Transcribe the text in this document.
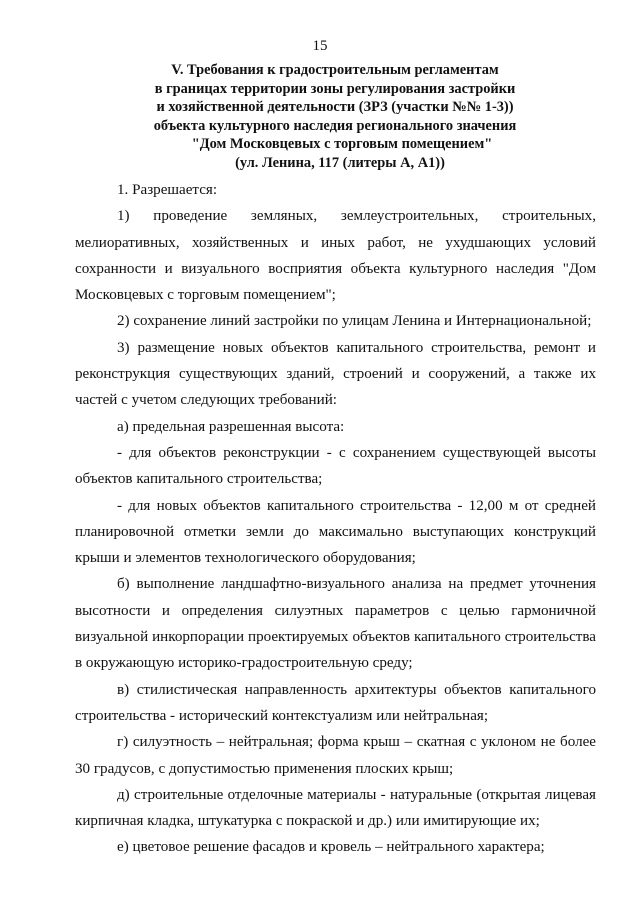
15
V. Требования к градостроительным регламентам
в границах территории зоны регулирования застройки
и хозяйственной деятельности (ЗРЗ (участки №№ 1-3))
объекта культурного наследия регионального значения
"Дом Московцевых с торговым помещением"
(ул. Ленина, 117 (литеры А, А1))

1. Разрешается:

1) проведение земляных, землеустроительных, строительных, мелиоративных, хозяйственных и иных работ, не ухудшающих условий сохранности и визуального восприятия объекта культурного наследия "Дом Московцевых с торговым помещением";

2) сохранение линий застройки по улицам Ленина и Интернациональной;

3) размещение новых объектов капитального строительства, ремонт и реконструкция существующих зданий, строений и сооружений, а также их частей с учетом следующих требований:

а) предельная разрешенная высота:

- для объектов реконструкции - с сохранением существующей высоты объектов капитального строительства;

- для новых объектов капитального строительства - 12,00 м от средней планировочной отметки земли до максимально выступающих конструкций крыши и элементов технологического оборудования;

б) выполнение ландшафтно-визуального анализа на предмет уточнения высотности и определения силуэтных параметров с целью гармоничной визуальной инкорпорации проектируемых объектов капитального строительства в окружающую историко-градостроительную среду;

в) стилистическая направленность архитектуры объектов капитального строительства - исторический контекстуализм или нейтральная;

г) силуэтность – нейтральная; форма крыш – скатная с уклоном не более 30 градусов, с допустимостью применения плоских крыш;

д) строительные отделочные материалы - натуральные (открытая лицевая кирпичная кладка, штукатурка с покраской и др.) или имитирующие их;

е) цветовое решение фасадов и кровель – нейтрального характера;
